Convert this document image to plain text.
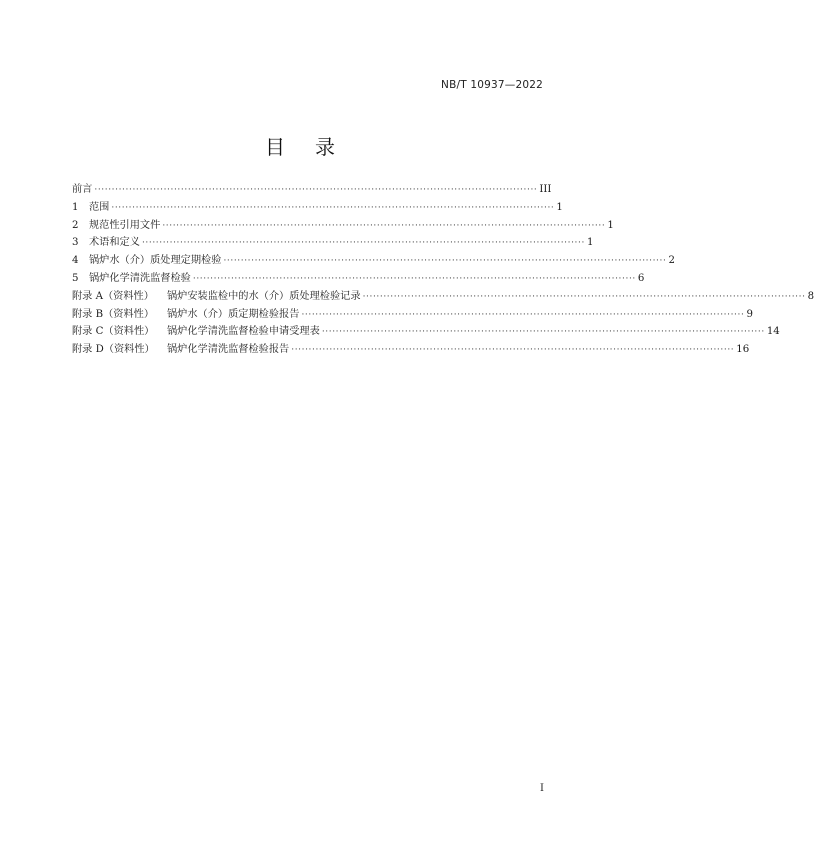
NB/T 10937—2022
目录
前言 ································································································································ III
1	范围 ································································································································ 1
2	规范性引用文件 ································································································································ 1
3	术语和定义 ································································································································ 1
4	锅炉水（介）质处理定期检验 ································································································································ 2
5	锅炉化学清洗监督检验 ································································································································ 6
附录 A（资料性）	锅炉安装监检中的水（介）质处理检验记录 ································································································································ 8
附录 B（资料性）	锅炉水（介）质定期检验报告 ································································································································ 9
附录 C（资料性）	锅炉化学清洗监督检验申请受理表 ································································································································ 14
附录 D（资料性）	锅炉化学清洗监督检验报告 ································································································································ 16
I
